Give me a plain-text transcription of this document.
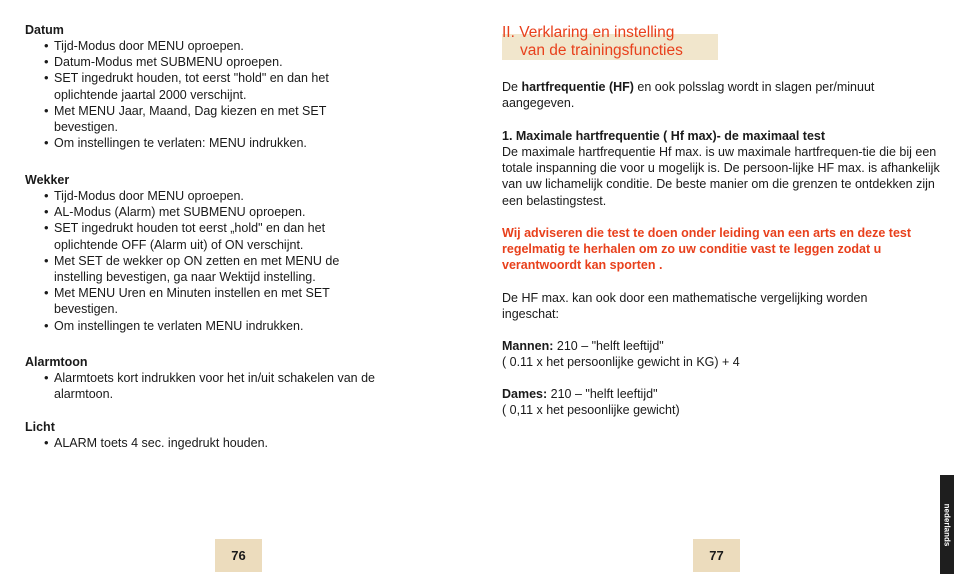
Datum
• Tijd-Modus door MENU oproepen.
• Datum-Modus met SUBMENU oproepen.
• SET ingedrukt houden, tot eerst "hold" en dan het oplichtende jaartal 2000 verschijnt.
• Met MENU Jaar, Maand, Dag kiezen en met SET bevestigen.
• Om instellingen te verlaten: MENU indrukken.
Wekker
• Tijd-Modus door MENU oproepen.
• AL-Modus (Alarm) met SUBMENU oproepen.
• SET ingedrukt houden tot eerst „hold" en dan het oplichtende OFF (Alarm uit) of ON verschijnt.
• Met SET de wekker op ON zetten en met MENU de instelling bevestigen, ga naar Wektijd instelling.
• Met MENU Uren en Minuten instellen en met SET bevestigen.
• Om instellingen te verlaten MENU indrukken.
Alarmtoon
• Alarmtoets kort indrukken voor het in/uit schakelen van de alarmtoon.
Licht
• ALARM toets 4 sec. ingedrukt houden.
76
II. Verklaring en instelling
van de trainingsfuncties

De hartfrequentie (HF) en ook polsslag wordt in slagen per/minuut aangegeven.

1. Maximale hartfrequentie ( Hf max)- de maximaal test

De maximale hartfrequentie Hf max. is uw maximale hartfrequen-tie die bij een totale inspanning die voor u mogelijk is. De persoon-lijke HF max. is afhankelijk van uw lichamelijk conditie. De beste manier om die grenzen te ontdekken zijn een belastingstest.

Wij adviseren die test te doen onder leiding van een arts en deze test regelmatig te herhalen om zo uw conditie vast te leggen zodat u verantwoordt kan sporten .

De HF max. kan ook door een mathematische vergelijking worden ingeschat:

Mannen: 210 – "helft leeftijd"
( 0.11 x het persoonlijke gewicht in KG) + 4

Dames: 210 – "helft leeftijd"
( 0,11 x het pesoonlijke gewicht)

77
nederlands
